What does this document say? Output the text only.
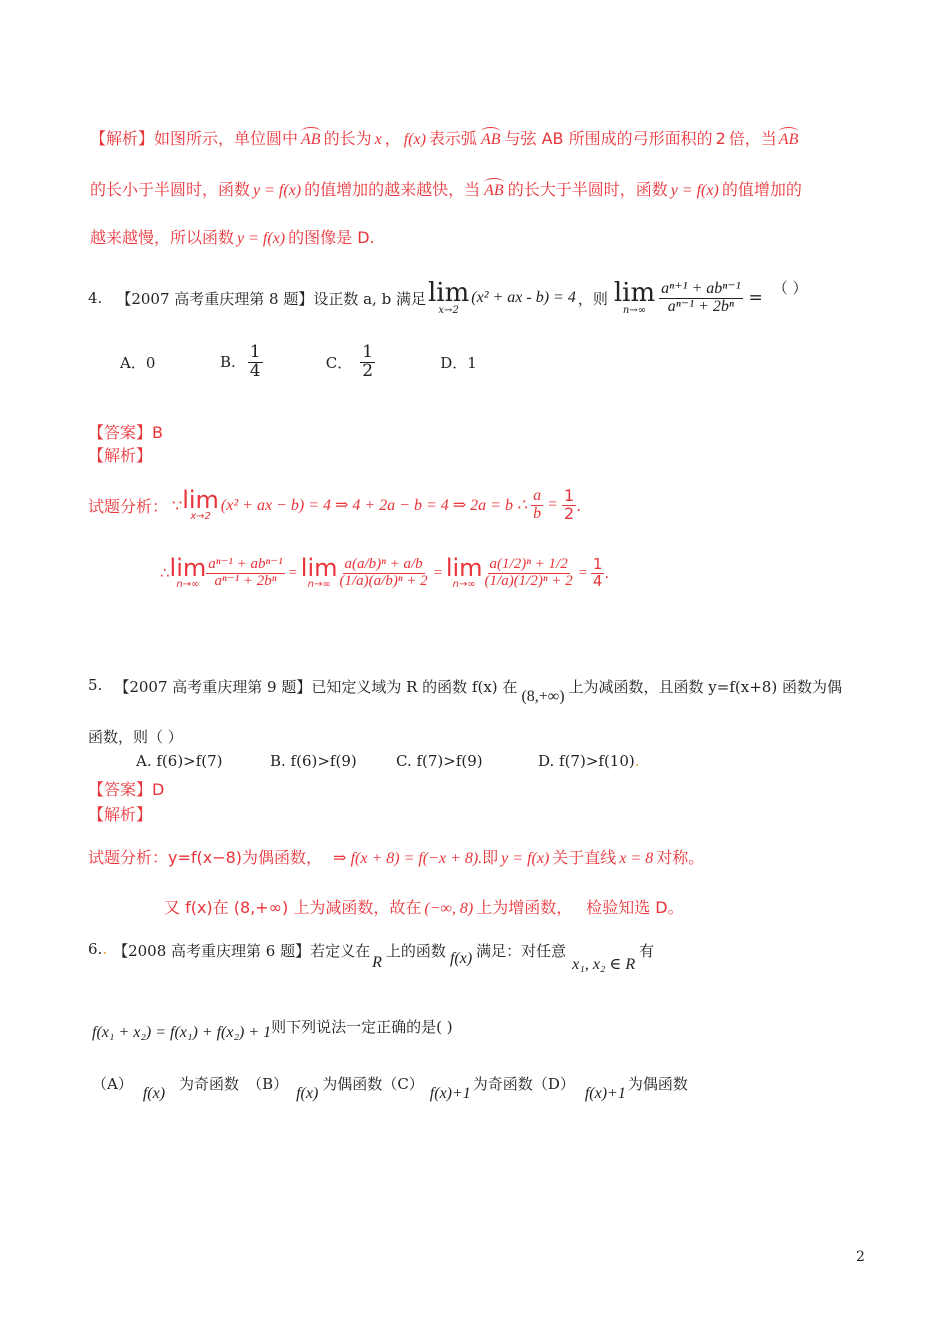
【解析】如图所示，单位圆中 AB 的长为 x ， f(x) 表示弧 AB 与弦 AB 所围成的弓形面积的 2 倍，当 AB
的长小于半圆时，函数 y = f(x) 的值增加的越来越快，当 AB 的长大于半圆时，函数 y = f(x) 的值增加的
越来越慢，所以函数 y = f(x) 的图像是 D.
4. 【2007 高考重庆理第 8 题】 设正数 a, b 满足 lim
x→2
(x² + ax - b) = 4 ，则 lim
$n\to\infty \frac{\text{aⁿ⁺¹ + abⁿ⁻¹}}{\text{aⁿ⁻¹ + 2bⁿ}}$ =
（ ）
A．0	B. $\frac{1}{4}$ C． $\frac{1}{2}$ D．1
【答案】B
【解析】
试题分析： ∵ lim
x→2
(x² + ax − b) = 4 ⇒ 4 + 2a − b = 4 ⇒ 2a = b ∴ $\frac{a}{b} = \frac{1}{2}$ .
∴ lim
$n\to\infty \frac{\text{aⁿ⁻¹ + abⁿ⁻¹}}{\text{aⁿ⁻¹ + 2bⁿ}} = \lim$
$n\to\infty \frac{\text{a(a/b)ⁿ + a/b}}{\text{(1/a)(a/b)ⁿ + 2}} = \lim$
$n\to\infty \frac{\text{a(1/2)ⁿ + 1/2}}{\text{(1/a)(1/2)ⁿ + 2}} = \frac{1}{4}$ .
5. 【2007 高考重庆理第 9 题】 已知定义域为 R 的函数 f(x) 在
(8,+∞)
上为减函数，且函数 y=f(x+8) 函数为偶
函数，则（ ）
A. f(6)>f(7)	B. f(6)>f(9)	C. f(7)>f(9)	D. f(7)>f(10) .
【答案】D
【解析】
试题分析：y=f(x−8)为偶函数， ⇒ f(x + 8) = f(−x + 8).即 y = f(x) 关于直线 x = 8 对称。
又 f(x)在 (8,+∞) 上为减函数，故在 (−∞, 8) 上为增函数， 检验知选 D。
6. . 【2008 高考重庆理第 6 题】 若定义在
R
上的函数 f(x) 满足：对任意
x₁, x₂ ∈ R
有
f(x₁ + x₂) = f(x₁) + f(x₂) + 1 则下列说法一定正确的是( )
（A）
f(x)
为奇函数 （B）
f(x)
为偶函数 （C）
f(x)+1
为奇函数 （D）
f(x)+1
为偶函数
2
